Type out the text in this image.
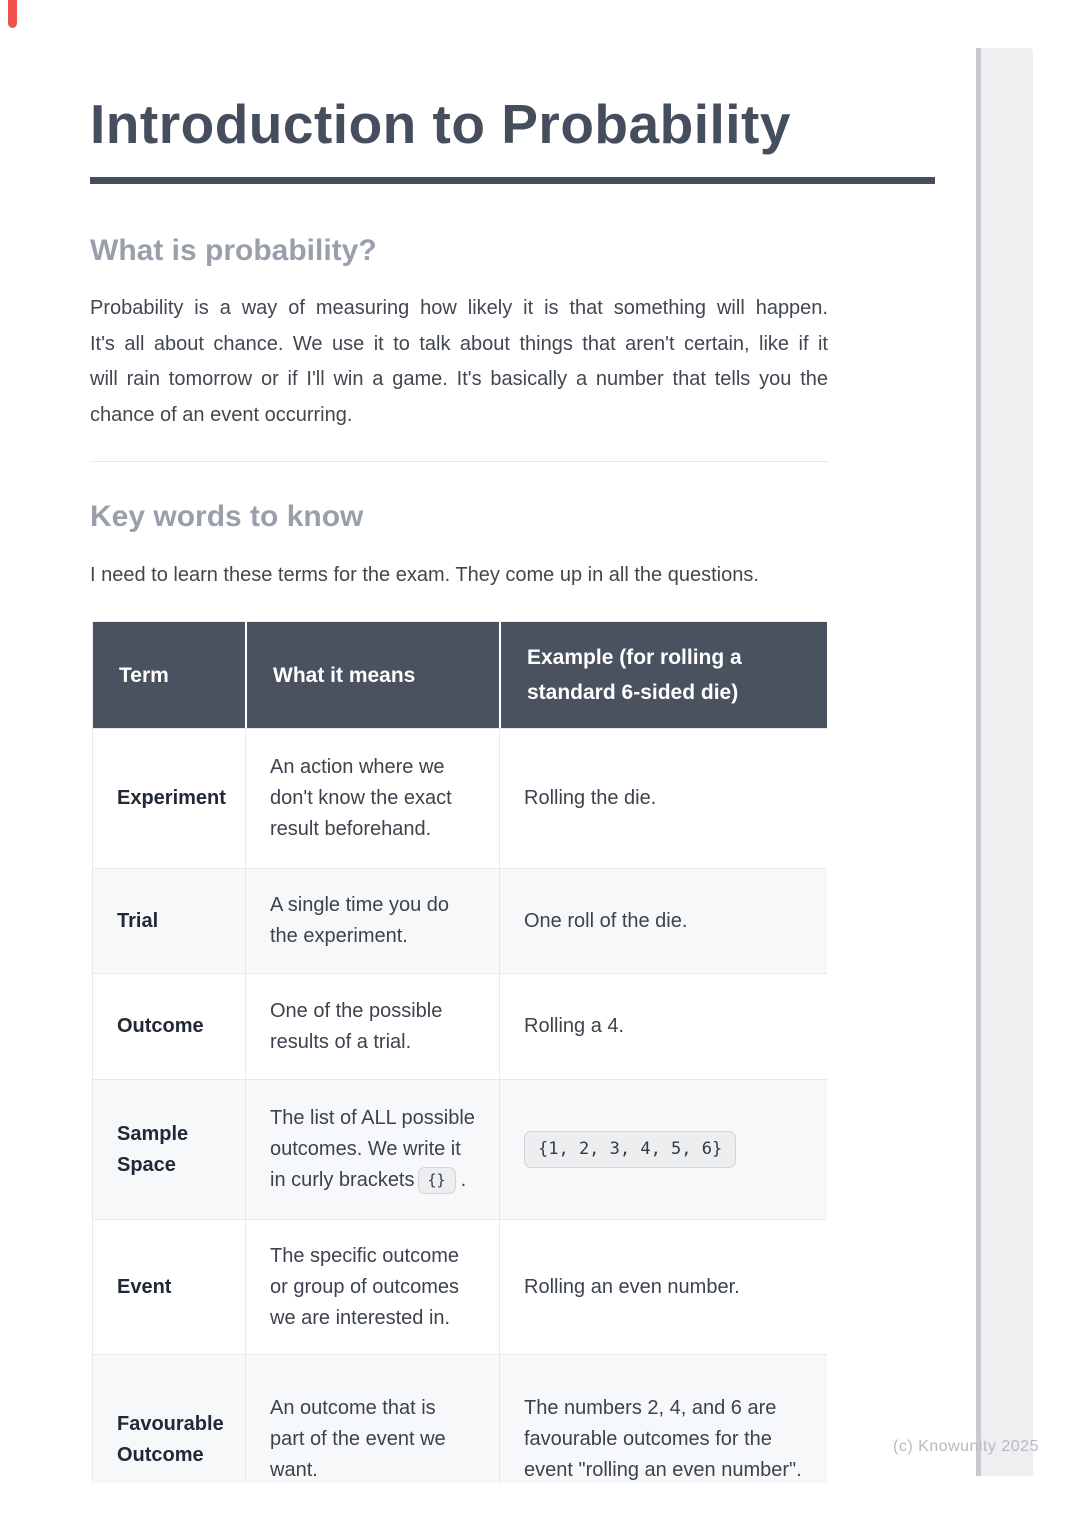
Introduction to Probability
What is probability?
Probability is a way of measuring how likely it is that something will happen.
It's all about chance. We use it to talk about things that aren't certain, like if it
will rain tomorrow or if I'll win a game. It's basically a number that tells you the
chance of an event occurring.
Key words to know
I need to learn these terms for the exam. They come up in all the questions.
Term	What it means	Example (for rolling a standard 6-sided die)
Experiment	An action where we don't know the exact result beforehand.	Rolling the die.
Trial	A single time you do the experiment.	One roll of the die.
Outcome	One of the possible results of a trial.	Rolling a 4.
Sample Space	The list of ALL possible outcomes. We write it in curly brackets {} .	{1, 2, 3, 4, 5, 6}
Event	The specific outcome or group of outcomes we are interested in.	Rolling an even number.
Favourable Outcome	An outcome that is part of the event we want.	The numbers 2, 4, and 6 are favourable outcomes for the event "rolling an even number".
(c) Knowunity 2025
